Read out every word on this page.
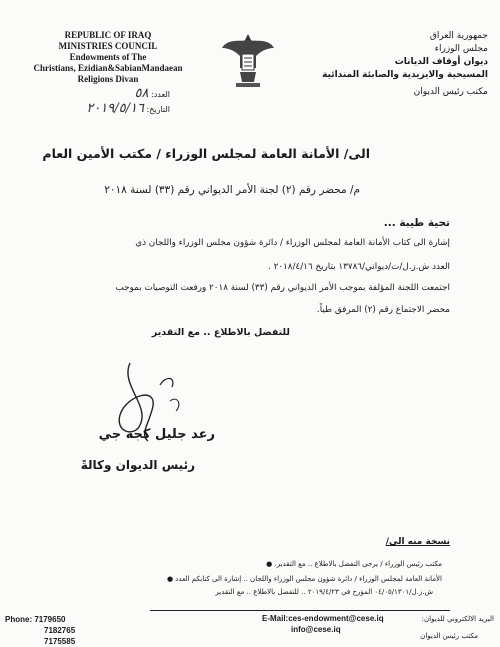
REPUBLIC OF IRAQ
MINISTRIES COUNCIL
Endowments of The
Christians, Ezidian&SabianMandaean
Religions Divan
جمهورية العراق
مجلس الوزراء
ديوان أوقاف الديانات
المسيحية والايزيدية والصابئة المندائية
مكتب رئيس الديوان
العدد: ٥٨
التاريخ: ٢٠١٩/٥/١٦
الى/ الأمانة العامة لمجلس الوزراء / مكتب الأمين العام
م/ محضر رقم (٢) لجنة الأمر الديواني رقم (٣٣) لسنة ٢٠١٨
تحية طيبة ...
إشارة الى كتاب الأمانة العامة لمجلس الوزراء / دائرة شؤون مجلس الوزراء واللجان ذي
العدد ش.ز.ل/ت/ديواني/١٣٧٨٦ بتاريخ ٢٠١٨/٤/١٦ .
اجتمعت اللجنة المؤلفة بموجب الأمر الديواني رقم (٣٣) لسنة ٢٠١٨ ورفعت التوصيات بموجب
محضر الاجتماع رقم (٢) المرفق طياً.
للتفضل بالاطلاع .. مع التقدير
رعد جليل كجه جي
رئيس الديوان وكالةً
نسخة منه الى/
مكتب رئيس الوزراء / يرجى التفضل بالاطلاع .. مع التقدير. ●
الأمانة العامة لمجلس الوزراء / دائرة شؤون مجلس الوزراء واللجان .. إشارة الى كتابكم العدد ●
ش.ز.ل/٠٤/٠٥/١٣٠١ المؤرخ في ٢٠١٩/٤/٢٣ .. للتفضل بالاطلاع .. مع التقدير
Phone: 7179650
7182765
7175585
E-Mail:ces-endowment@cese.iq
info@cese.iq
البريد الالكتروني للديوان:
مكتب رئيس الديوان
